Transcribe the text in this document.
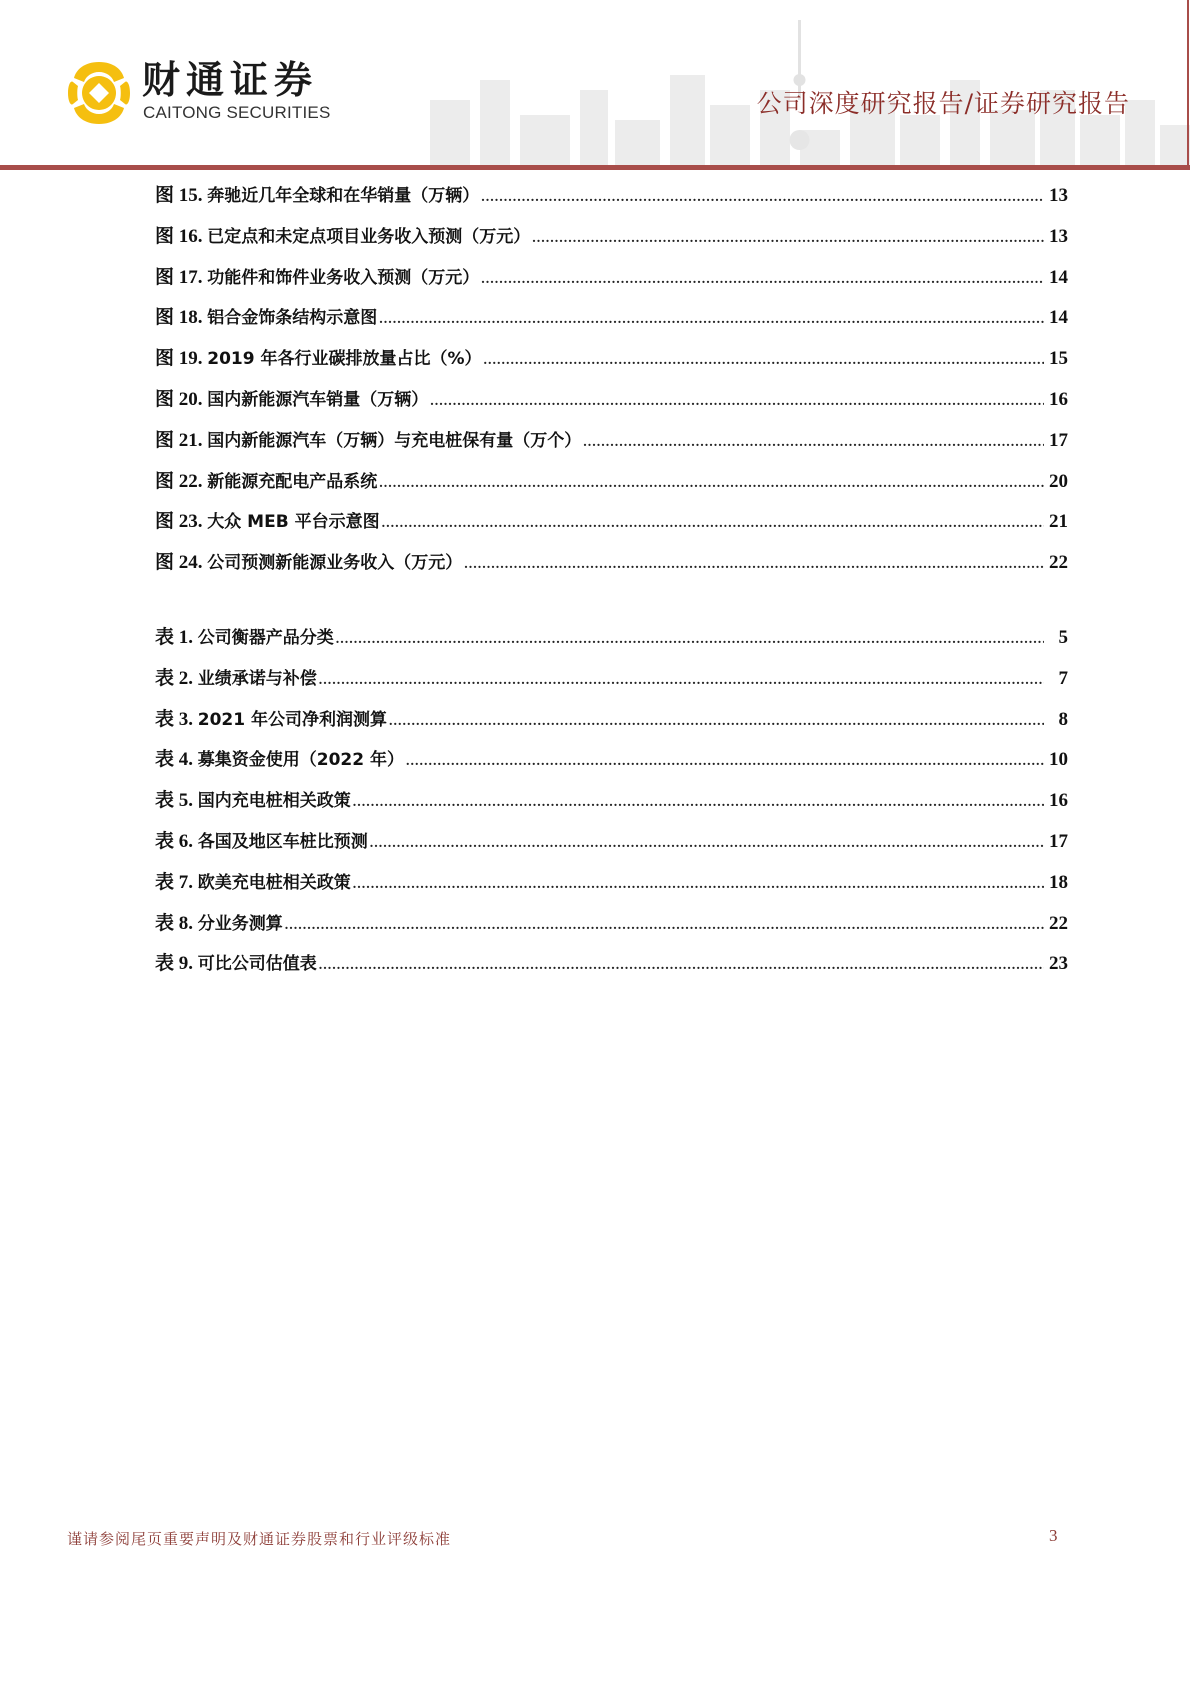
财通证券
CAITONG SECURITIES	公司深度研究报告/证券研究报告
图 15. 奔驰近几年全球和在华销量（万辆） .....	13
图 16. 已定点和未定点项目业务收入预测（万元） .....	13
图 17. 功能件和饰件业务收入预测（万元） .....	14
图 18. 铝合金饰条结构示意图 .....	14
图 19. 2019 年各行业碳排放量占比（%） .....	15
图 20. 国内新能源汽车销量（万辆） .....	16
图 21. 国内新能源汽车（万辆）与充电桩保有量（万个） .....	17
图 22. 新能源充配电产品系统 .....	20
图 23. 大众 MEB 平台示意图 .....	21
图 24. 公司预测新能源业务收入（万元） .....	22
表 1. 公司衡器产品分类 .....	5
表 2. 业绩承诺与补偿 .....	7
表 3. 2021 年公司净利润测算 .....	8
表 4. 募集资金使用（2022 年） .....	10
表 5. 国内充电桩相关政策 .....	16
表 6. 各国及地区车桩比预测 .....	17
表 7. 欧美充电桩相关政策 .....	18
表 8. 分业务测算 .....	22
表 9. 可比公司估值表 .....	23
谨请参阅尾页重要声明及财通证券股票和行业评级标准	3
